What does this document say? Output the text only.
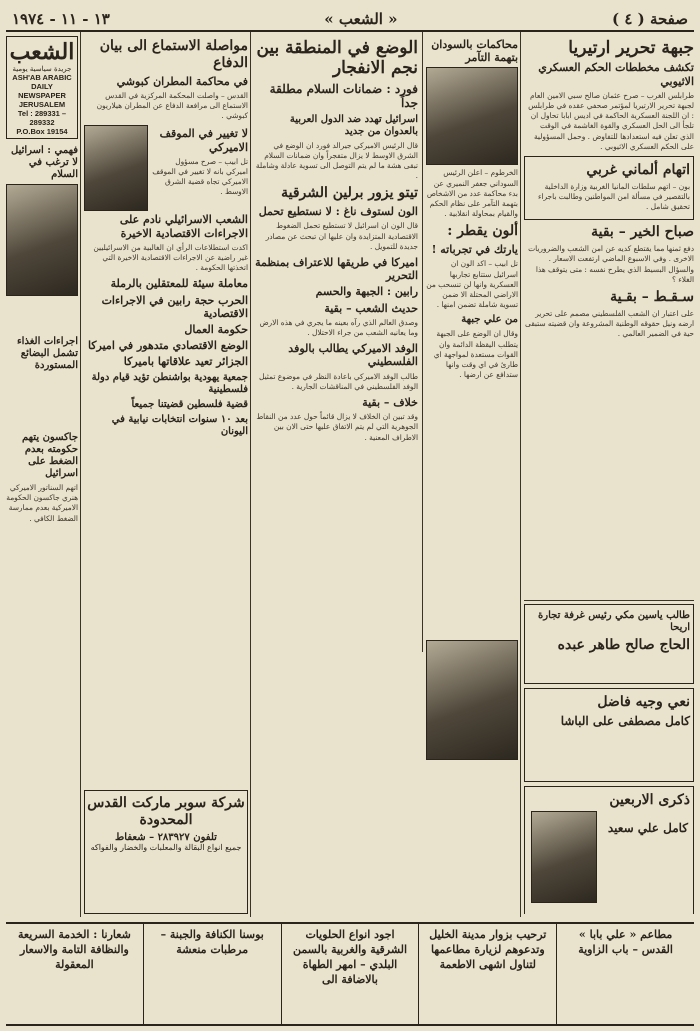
صفحة ( ٤ )
« الشعب »
١٣ - ١١ - ١٩٧٤
جبهة تحرير ارتيريا
تكشف مخططات الحكم العسكري الاثيوبي

طرابلس الغرب – صرح عثمان صالح سبي الامين العام لجبهة تحرير الارتيريا لمؤتمر صحفي عقده في طرابلس : ان اللجنة العسكرية الحاكمة في اديس ابابا تحاول ان تلجأ الى الحل العسكري والقوة الغاشمة في الوقت الذي تعلن فيه استعدادها للتفاوض . وحمل المسؤولية على الحكم العسكري الاثيوبي .

اتهام ألماني غربي

بون – اتهم سلطات المانيا الغربية وزارة الداخلية بالتقصير في مسألة امن المواطنين وطالبت باجراء تحقيق شامل .

صباح الخير – بقية

دفع ثمنها مما يقتطع كديه عن امن الشعب والضروريات الاخرى . وفي الاسبوع الماضي ارتفعت الاسعار . والسؤال البسيط الذي يطرح نفسه : متى يتوقف هذا الغلاء ؟

سـقـط – بقـية

على اعتبار ان الشعب الفلسطيني مصمم على تحرير ارضه ونيل حقوقه الوطنية المشروعة وان قضيته ستبقى حية في الضمير العالمي .

طالب ياسين مكي رئيس غرفة تجارة اريحا
الحاج صالح طاهر عبده
نعي وجيه فاضل
كامل مصطفى على الباشا
ذكرى الاربعين
كامل علي سعيد
محاكمات بالسودان بتهمة التآمر

الخرطوم – اعلن الرئيس السوداني جعفر النميري عن بدء محاكمة عدد من الاشخاص بتهمة التآمر على نظام الحكم والقيام بمحاولة انقلابية .

ألون يقطر :
يارتك في تجرباته !

تل ابيب – اكد الون ان اسرائيل ستتابع تجاربها العسكرية وانها لن تنسحب من الاراضي المحتلة الا ضمن تسوية شاملة تضمن امنها .

من علي جبهة

وقال ان الوضع على الجبهة يتطلب اليقظة الدائمة وان القوات مستعدة لمواجهة اي طارئ في اي وقت وانها ستدافع عن ارضها .

الوضع في المنطقة بين نجم الانفجار
فورد : ضمانات السلام مطلقة جداً
اسرائيل تهدد ضد الدول العربية بالعدوان من جديد

قال الرئيس الاميركي جيرالد فورد ان الوضع في الشرق الاوسط لا يزال متفجراً وان ضمانات السلام تبقى هشة ما لم يتم التوصل الى تسوية عادلة وشاملة .

تيتو يزور برلين الشرقية
الون لستوف ناغ : لا نستطيع تحمل

قال الون ان اسرائيل لا تستطيع تحمل الضغوط الاقتصادية المتزايدة وان عليها ان تبحث عن مصادر جديدة للتمويل .

اميركا في طريقها للاعتراف بمنظمة التحرير
رابين : الجبهة والحسم
حديث الشعب – بقية

وصدق العالم الذي رآه بعينه ما يجري في هذه الارض وما يعانيه الشعب من جراء الاحتلال .

الوفد الاميركي يطالب بالوفد الفلسطيني

طالب الوفد الاميركي باعادة النظر في موضوع تمثيل الوفد الفلسطيني في المناقشات الجارية .

خلاف – بقية

وقد تبين ان الخلاف لا يزال قائماً حول عدد من النقاط الجوهرية التي لم يتم الاتفاق عليها حتى الان بين الاطراف المعنية .

مواصلة الاستماع الى بيان الدفاع
في محاكمة المطران كبوشي

القدس – واصلت المحكمة المركزية في القدس الاستماع الى مرافعة الدفاع عن المطران هيلاريون كبوشي .

لا تغيير في الموقف الاميركي

تل ابيب – صرح مسؤول اميركي بانه لا تغيير في الموقف الاميركي تجاه قضية الشرق الاوسط .

الشعب الاسرائيلي نادم على الاجراءات الاقتصادية الاخيرة

اكدت استطلاعات الرأي ان الغالبية من الاسرائيليين غير راضية عن الاجراءات الاقتصادية الاخيرة التي اتخذتها الحكومة .

معاملة سيئة للمعتقلين بالرملة
الحرب حجة رابين في الاجراءات الاقتصادية
حكومة العمال
الوضع الاقتصادي متدهور في اميركا
الجزائر تعيد علاقاتها باميركا
جمعية يهودية بواشنطن تؤيد قيام دولة فلسطينية
قضية فلسطين قضيتنا جميعاً
بعد ١٠ سنوات انتخابات نيابية في اليونان
شركة سوبر ماركت القدس المحدودة
تلفون ٢٨٣٩٢٧ – شعفاط
جميع انواع البقالة والمعلبات والخضار والفواكه
الشعب
جريدة سياسية يومية
ASH'AB ARABIC DAILY NEWSPAPER
JERUSALEM
Tel : 289331 – 289332
P.O.Box 19154
فهمي : اسرائيل لا ترغب في السلام
اجراءات الغذاء تشمل البضائع المستوردة
جاكسون يتهم حكومته بعدم الضغط على اسرائيل

اتهم السناتور الاميركي هنري جاكسون الحكومة الاميركية بعدم ممارسة الضغط الكافي .

مطاعم « علي بابا » القدس – باب الزاوية
ترحيب بزوار مدينة الخليل وتدعوهم لزيارة مطاعمها لتناول اشهى الاطعمة
اجود انواع الحلويات الشرقية والغربية بالسمن البلدي – امهر الطهاة بالاضافة الى
بوسنا الكنافة والجبنة – مرطبات منعشة
شعارنا : الخدمة السريعة والنظافة التامة والاسعار المعقولة
